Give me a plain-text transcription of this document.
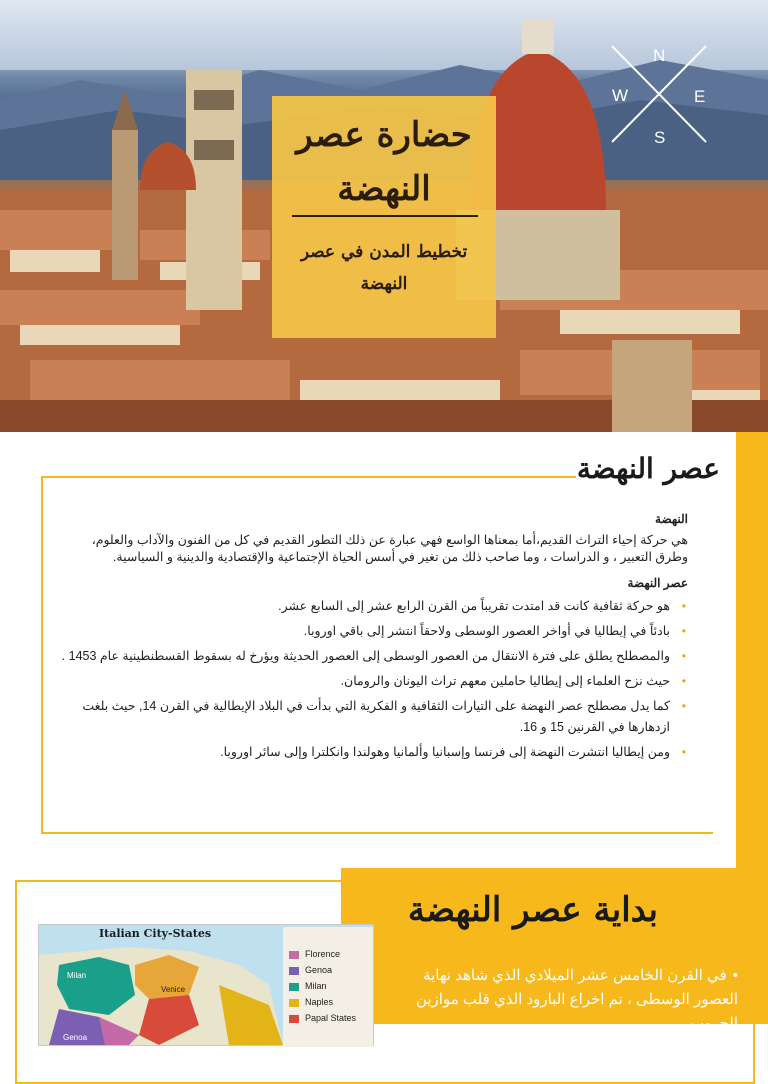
حضارة عصر النهضة
تخطيط المدن في عصر النهضة
N
W	E
S
عصر النهضة

النهضة

هي حركة إحياء التراث القديم،أما بمعناها الواسع فهي عبارة عن ذلك التطور القديم في كل من الفنون والآداب والعلوم، وطرق التعبير ، و الدراسات ، وما صاحب ذلك من تغير في أسس الحياة الإجتماعية والإقتصادية والدينية و السياسية.

عصر النهضة

•
هو حركة ثقافية كانت قد امتدت تقريباً من القرن الرابع عشر إلى السابع عشر.
•
بادئاً في إيطاليا في أواخر العصور الوسطى ولاحقاً انتشر إلى باقي اوروبا.
•
والمصطلح يطلق على فترة الانتقال من العصور الوسطى إلى العصور الحديثة ويؤرخ له بسقوط القسطنطينية عام 1453 .
•
حيث نزح العلماء إلى إيطاليا حاملين معهم تراث اليونان والرومان.
•
كما يدل مصطلح عصر النهضة على التيارات الثقافية و الفكرية التي بدأت في البلاد الإيطالية في القرن 14, حيث بلغت ازدهارها في القرنين 15 و 16.
•
ومن إيطاليا انتشرت النهضة إلى فرنسا وإسبانيا وألمانيا وهولندا وانكلترا وإلى سائر اوروبا.
بداية عصر النهضة
•في القرن الخامس عشر الميلادي الذي شاهد نهاية العصور الوسطى ، تم اخراع البارود الذي قلب موازين الحروب
Italian City-States
Milan
Venice
Genoa
Florence
Genoa
Milan
Naples
Papal States
